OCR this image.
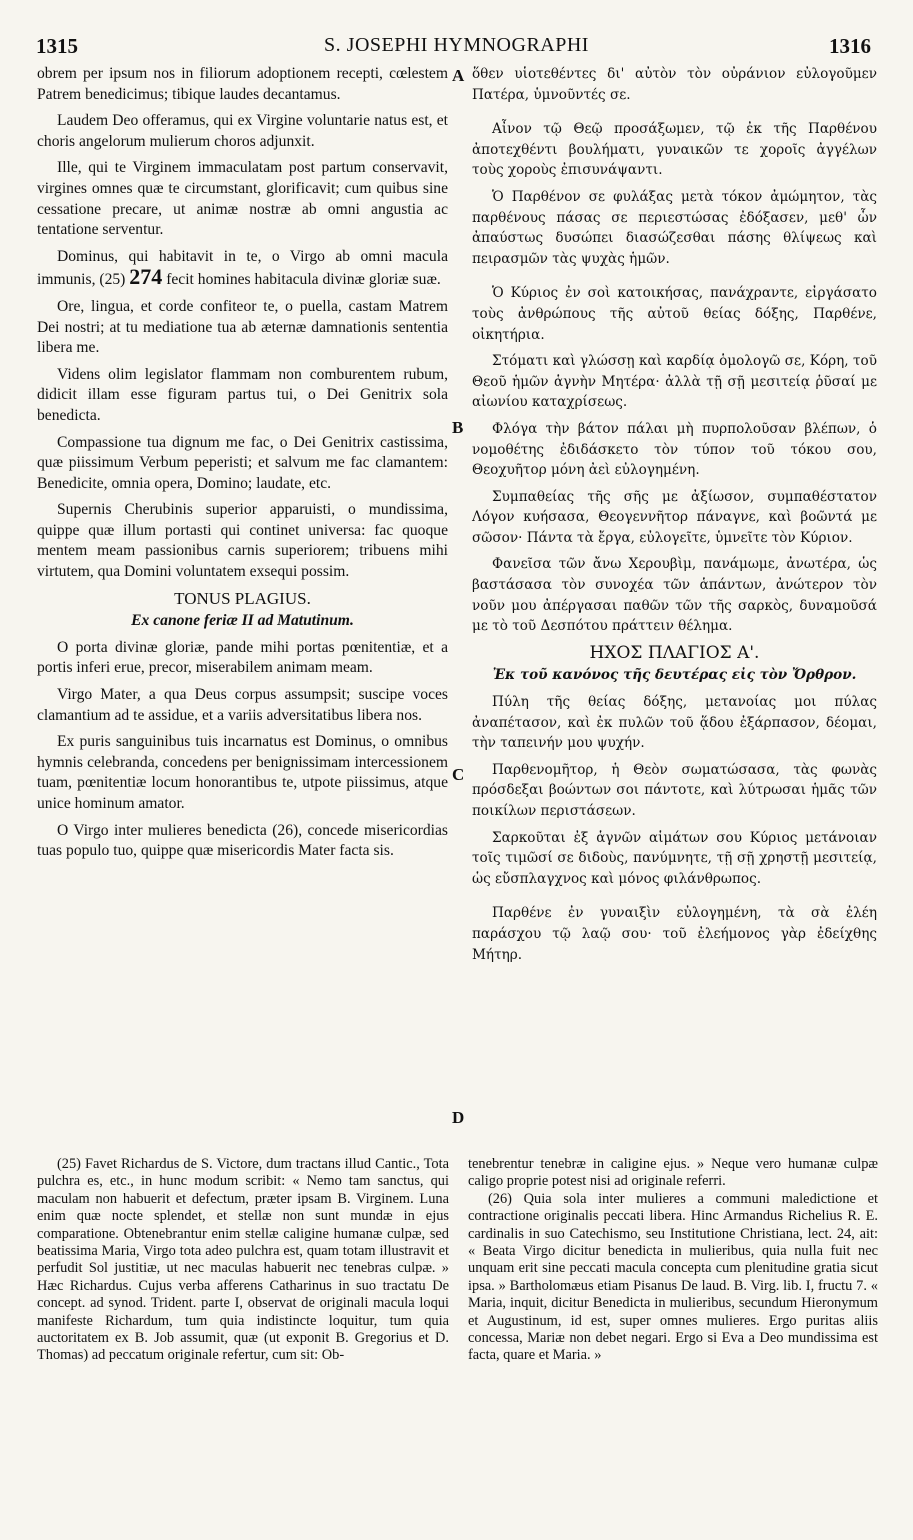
1315	S. JOSEPHI HYMNOGRAPHI	1316

obrem per ipsum nos in filiorum adoptionem recepti, cœlestem Patrem benedicimus; tibique laudes decantamus.

Laudem Deo offeramus, qui ex Virgine voluntarie natus est, et choris angelorum mulierum choros adjunxit.

Ille, qui te Virginem immaculatam post partum conservavit, virgines omnes quæ te circumstant, glorificavit; cum quibus sine cessatione precare, ut animæ nostræ ab omni angustia ac tentatione serventur.

Dominus, qui habitavit in te, o Virgo ab omni macula immunis, (25) 274 fecit homines habitacula divinæ gloriæ suæ.

Ore, lingua, et corde confiteor te, o puella, castam Matrem Dei nostri; at tu mediatione tua ab æternæ damnationis sententia libera me.

Videns olim legislator flammam non comburentem rubum, didicit illam esse figuram partus tui, o Dei Genitrix sola benedicta.

Compassione tua dignum me fac, o Dei Genitrix castissima, quæ piissimum Verbum peperisti; et salvum me fac clamantem: Benedicite, omnia opera, Domino; laudate, etc.

Supernis Cherubinis superior apparuisti, o mundissima, quippe quæ illum portasti qui continet universa: fac quoque mentem meam passionibus carnis superiorem; tribuens mihi virtutem, qua Domini voluntatem exsequi possim.

TONUS PLAGIUS.

Ex canone feriæ II ad Matutinum.

O porta divinæ gloriæ, pande mihi portas pœnitentiæ, et a portis inferi erue, precor, miserabilem animam meam.

Virgo Mater, a qua Deus corpus assumpsit; suscipe voces clamantium ad te assidue, et a variis adversitatibus libera nos.

Ex puris sanguinibus tuis incarnatus est Dominus, o omnibus hymnis celebranda, concedens per benignissimam intercessionem tuam, pœnitentiæ locum honorantibus te, utpote piissimus, atque unice hominum amator.

O Virgo inter mulieres benedicta (26), concede misericordias tuas populo tuo, quippe quæ misericordis Mater facta sis.

A
B
C
D

ὅθεν υἱοτεθέντες δι' αὐτὸν τὸν οὐράνιον εὐλογοῦμεν Πατέρα, ὑμνοῦντές σε.

Αἶνον τῷ Θεῷ προσάξωμεν, τῷ ἐκ τῆς Παρθένου ἀποτεχθέντι βουλήματι, γυναικῶν τε χοροῖς ἀγγέλων τοὺς χοροὺς ἐπισυνάψαντι.

Ὁ Παρθένον σε φυλάξας μετὰ τόκον ἀμώμητον, τὰς παρθένους πάσας σε περιεστώσας ἐδόξασεν, μεθ' ὧν ἀπαύστως δυσώπει διασώζεσθαι πάσης θλίψεως καὶ πειρασμῶν τὰς ψυχὰς ἡμῶν.

Ὁ Κύριος ἐν σοὶ κατοικήσας, πανάχραντε, εἰργάσατο τοὺς ἀνθρώπους τῆς αὐτοῦ θείας δόξης, Παρθένε, οἰκητήρια.

Στόματι καὶ γλώσσῃ καὶ καρδίᾳ ὁμολογῶ σε, Κόρη, τοῦ Θεοῦ ἡμῶν ἁγνὴν Μητέρα· ἀλλὰ τῇ σῇ μεσιτείᾳ ῥῦσαί με αἰωνίου καταχρίσεως.

Φλόγα τὴν βάτον πάλαι μὴ πυρπολοῦσαν βλέπων, ὁ νομοθέτης ἐδιδάσκετο τὸν τύπον τοῦ τόκου σου, Θεοχυῆτορ μόνη ἀεὶ εὐλογημένη.

Συμπαθείας τῆς σῆς με ἀξίωσον, συμπαθέστατον Λόγον κυήσασα, Θεογεννῆτορ πάναγνε, καὶ βοῶντά με σῶσον· Πάντα τὰ ἔργα, εὐλογεῖτε, ὑμνεῖτε τὸν Κύριον.

Φανεῖσα τῶν ἄνω Χερουβὶμ, πανάμωμε, ἀνωτέρα, ὡς βαστάσασα τὸν συνοχέα τῶν ἁπάντων, ἀνώτερον τὸν νοῦν μου ἀπέργασαι παθῶν τῶν τῆς σαρκὸς, δυναμοῦσά με τὸ τοῦ Δεσπότου πράττειν θέλημα.

ΗΧΟΣ ΠΛΑΓΙΟΣ Α'.

Ἐκ τοῦ κανόνος τῆς δευτέρας εἰς τὸν Ὄρθρον.

Πύλη τῆς θείας δόξης, μετανοίας μοι πύλας ἀναπέτασον, καὶ ἐκ πυλῶν τοῦ ᾅδου ἐξάρπασον, δέομαι, τὴν ταπεινήν μου ψυχήν.

Παρθενομῆτορ, ἡ Θεὸν σωματώσασα, τὰς φωνὰς πρόσδεξαι βοώντων σοι πάντοτε, καὶ λύτρωσαι ἡμᾶς τῶν ποικίλων περιστάσεων.

Σαρκοῦται ἐξ ἁγνῶν αἱμάτων σου Κύριος μετάνοιαν τοῖς τιμῶσί σε διδοὺς, πανύμνητε, τῇ σῇ χρηστῇ μεσιτείᾳ, ὡς εὔσπλαγχνος καὶ μόνος φιλάνθρωπος.

Παρθένε ἐν γυναιξὶν εὐλογημένη, τὰ σὰ ἐλέη παράσχου τῷ λαῷ σου· τοῦ ἐλεήμονος γὰρ ἐδείχθης Μήτηρ.

(25) Favet Richardus de S. Victore, dum tractans illud Cantic., Tota pulchra es, etc., in hunc modum scribit: « Nemo tam sanctus, qui maculam non habuerit et defectum, præter ipsam B. Virginem. Luna enim quæ nocte splendet, et stellæ non sunt mundæ in ejus comparatione. Obtenebrantur enim stellæ caligine humanæ culpæ, sed beatissima Maria, Virgo tota adeo pulchra est, quam totam illustravit et perfudit Sol justitiæ, ut nec maculas habuerit nec tenebras culpæ. » Hæc Richardus. Cujus verba afferens Catharinus in suo tractatu De concept. ad synod. Trident. parte I, observat de originali macula loqui manifeste Richardum, tum quia indistincte loquitur, tum quia auctoritatem ex B. Job assumit, quæ (ut exponit B. Gregorius et D. Thomas) ad peccatum originale refertur, cum sit: Ob-

tenebrentur tenebræ in caligine ejus. » Neque vero humanæ culpæ caligo proprie potest nisi ad originale referri.

(26) Quia sola inter mulieres a communi maledictione et contractione originalis peccati libera. Hinc Armandus Richelius R. E. cardinalis in suo Catechismo, seu Institutione Christiana, lect. 24, ait: « Beata Virgo dicitur benedicta in mulieribus, quia nulla fuit nec unquam erit sine peccati macula concepta cum plenitudine gratia sicut ipsa. » Bartholomæus etiam Pisanus De laud. B. Virg. lib. I, fructu 7. « Maria, inquit, dicitur Benedicta in mulieribus, secundum Hieronymum et Augustinum, id est, super omnes mulieres. Ergo puritas aliis concessa, Mariæ non debet negari. Ergo si Eva a Deo mundissima est facta, quare et Maria. »
